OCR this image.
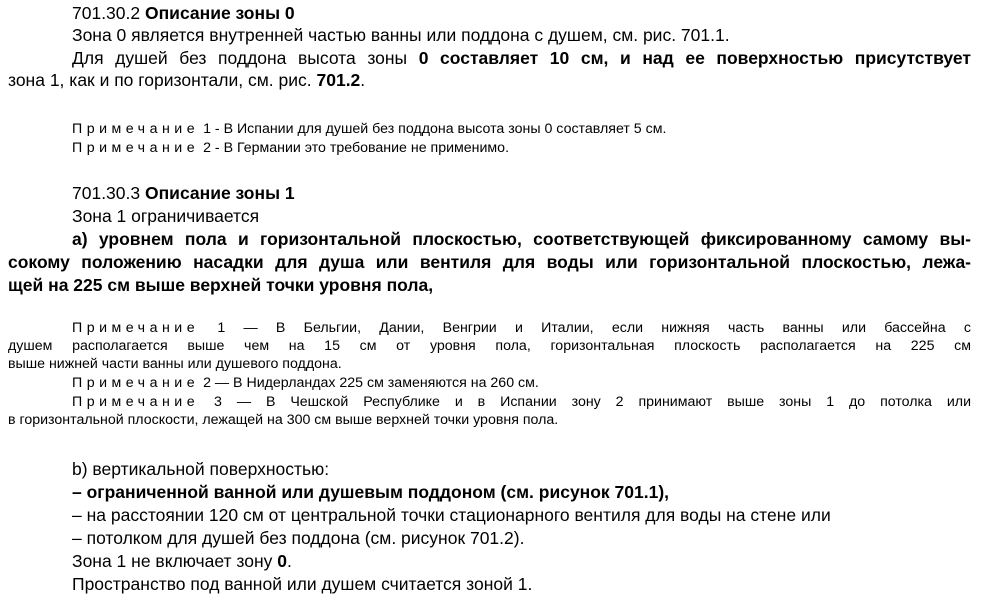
701.30.2 Описание зоны 0

Зона 0 является внутренней частью ванны или поддона с душем, см. рис. 701.1.

Для душей без поддона высота зоны 0 составляет 10 см, и над ее поверхностью присутствует

зона 1, как и по горизонтали, см. рис. 701.2.

Примечание 1 - В Испании для душей без поддона высота зоны 0 составляет 5 см.

Примечание 2 - В Германии это требование не применимо.

701.30.3 Описание зоны 1

Зона 1 ограничивается

а) уровнем пола и горизонтальной плоскостью, соответствующей фиксированному самому вы-

сокому положению насадки для душа или вентиля для воды или горизонтальной плоскостью, лежа-

щей на 225 см выше верхней точки уровня пола,

Примечание 1 — В Бельгии, Дании, Венгрии и Италии, если нижняя часть ванны или бассейна с

душем располагается выше чем на 15 см от уровня пола, горизонтальная плоскость располагается на 225 см

выше нижней части ванны или душевого поддона.

Примечание 2 — В Нидерландах 225 см заменяются на 260 см.

Примечание 3 — В Чешской Республике и в Испании зону 2 принимают выше зоны 1 до потолка или

в горизонтальной плоскости, лежащей на 300 см выше верхней точки уровня пола.

b) вертикальной поверхностью:

– ограниченной ванной или душевым поддоном (см. рисунок 701.1),

– на расстоянии 120 см от центральной точки стационарного вентиля для воды на стене или

– потолком для душей без поддона (см. рисунок 701.2).

Зона 1 не включает зону 0.

Пространство под ванной или душем считается зоной 1.
